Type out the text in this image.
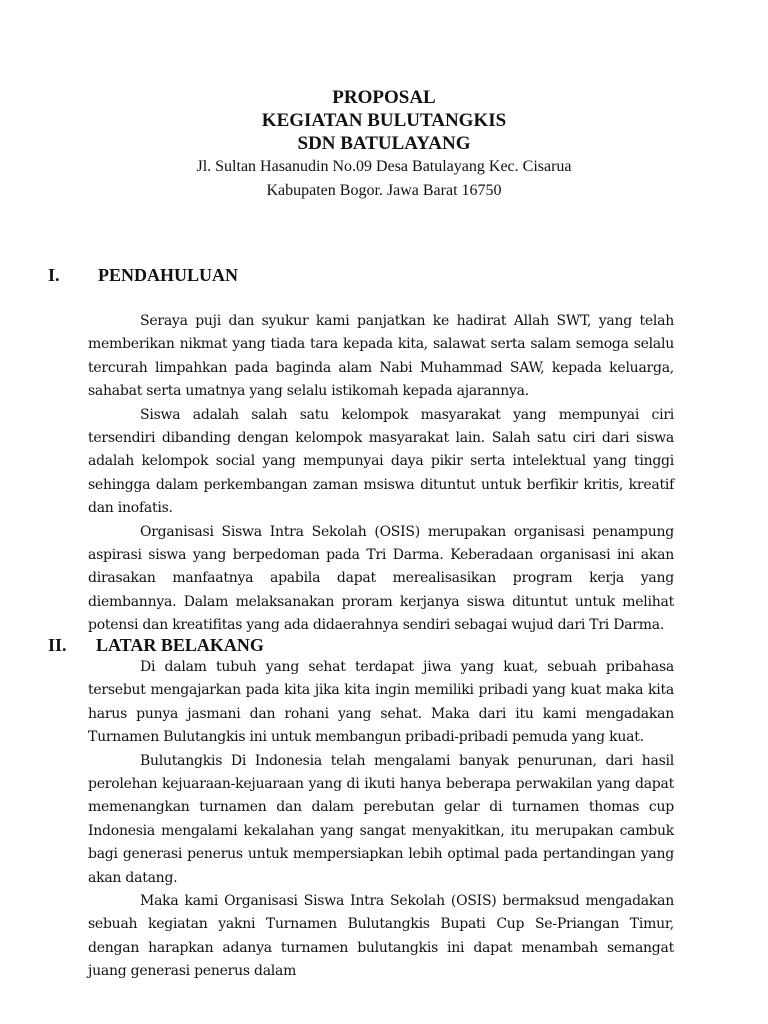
PROPOSAL
KEGIATAN BULUTANGKIS
SDN BATULAYANG
Jl. Sultan Hasanudin No.09 Desa Batulayang Kec. Cisarua
Kabupaten Bogor. Jawa Barat 16750
I. PENDAHULUAN

Seraya puji dan syukur kami panjatkan ke hadirat Allah SWT, yang telah memberikan nikmat yang tiada tara kepada kita, salawat serta salam semoga selalu tercurah limpahkan pada baginda alam Nabi Muhammad SAW, kepada keluarga, sahabat serta umatnya yang selalu istikomah kepada ajarannya.

Siswa adalah salah satu kelompok masyarakat yang mempunyai ciri tersendiri dibanding dengan kelompok masyarakat lain. Salah satu ciri dari siswa adalah kelompok social yang mempunyai daya pikir serta intelektual yang tinggi sehingga dalam perkembangan zaman msiswa dituntut untuk berfikir kritis, kreatif dan inofatis.

Organisasi Siswa Intra Sekolah (OSIS) merupakan organisasi penampung aspirasi siswa yang berpedoman pada Tri Darma. Keberadaan organisasi ini akan dirasakan manfaatnya apabila dapat merealisasikan program kerja yang diembannya. Dalam melaksanakan proram kerjanya siswa dituntut untuk melihat potensi dan kreatifitas yang ada didaerahnya sendiri sebagai wujud dari Tri Darma.

II. LATAR BELAKANG

Di dalam tubuh yang sehat terdapat jiwa yang kuat, sebuah pribahasa tersebut mengajarkan pada kita jika kita ingin memiliki pribadi yang kuat maka kita harus punya jasmani dan rohani yang sehat. Maka dari itu kami mengadakan Turnamen Bulutangkis ini untuk membangun pribadi-pribadi pemuda yang kuat.

Bulutangkis Di Indonesia telah mengalami banyak penurunan, dari hasil perolehan kejuaraan-kejuaraan yang di ikuti hanya beberapa perwakilan yang dapat memenangkan turnamen dan dalam perebutan gelar di turnamen thomas cup Indonesia mengalami kekalahan yang sangat menyakitkan, itu merupakan cambuk bagi generasi penerus untuk mempersiapkan lebih optimal pada pertandingan yang akan datang.

Maka kami Organisasi Siswa Intra Sekolah (OSIS) bermaksud mengadakan sebuah kegiatan yakni Turnamen Bulutangkis Bupati Cup Se-Priangan Timur, dengan harapkan adanya turnamen bulutangkis ini dapat menambah semangat juang generasi penerus dalam
